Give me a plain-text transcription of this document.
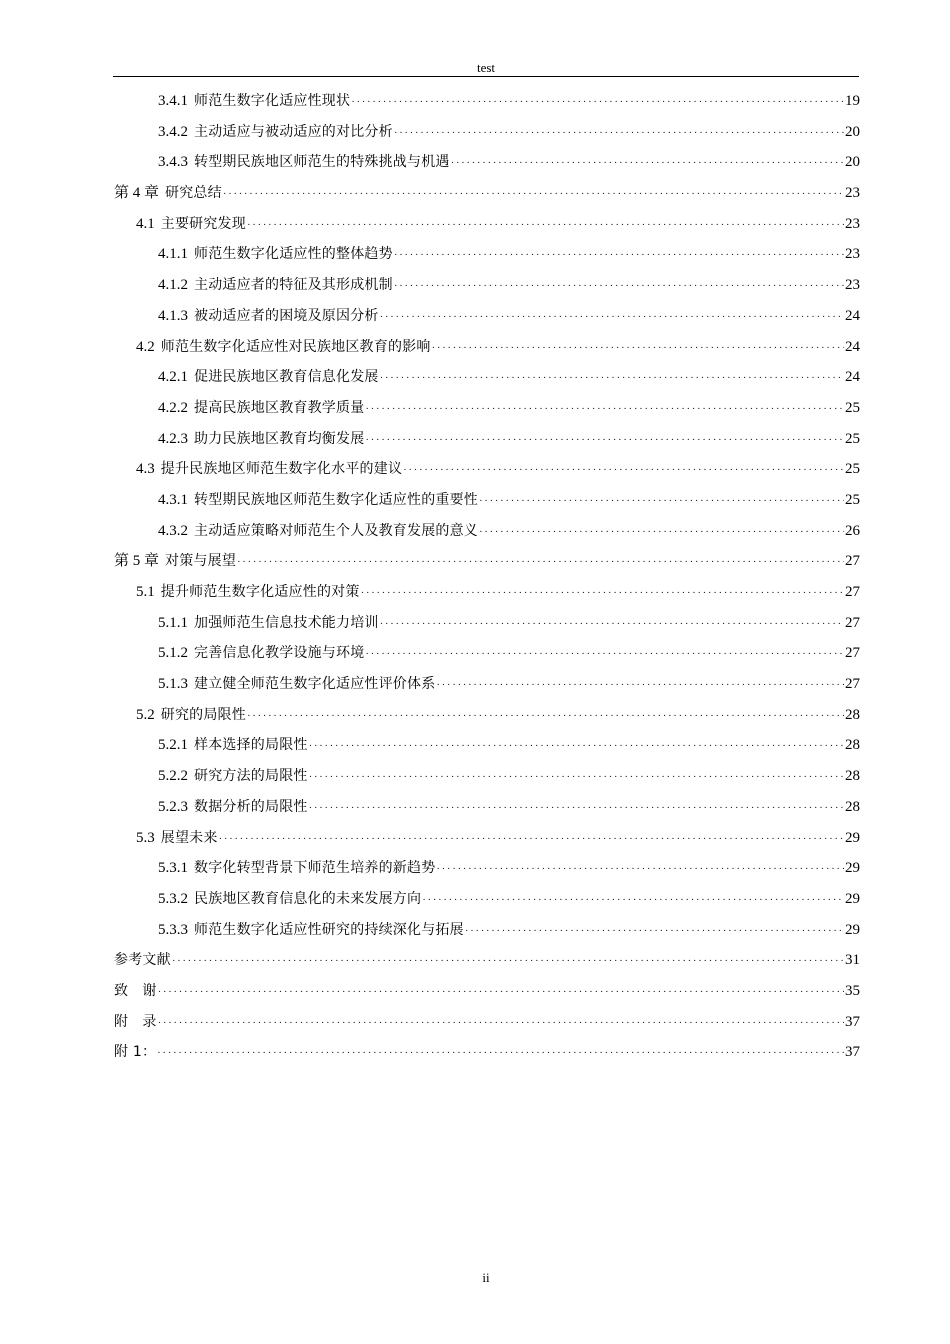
test
3.4.1 师范生数字化适应性现状 ·····	19
3.4.2 主动适应与被动适应的对比分析 ·····	20
3.4.3 转型期民族地区师范生的特殊挑战与机遇 ·····	20
第 4 章 研究总结 ·····	23
4.1 主要研究发现 ·····	23
4.1.1 师范生数字化适应性的整体趋势 ·····	23
4.1.2 主动适应者的特征及其形成机制 ·····	23
4.1.3 被动适应者的困境及原因分析 ·····	24
4.2 师范生数字化适应性对民族地区教育的影响 ·····	24
4.2.1 促进民族地区教育信息化发展 ·····	24
4.2.2 提高民族地区教育教学质量 ·····	25
4.2.3 助力民族地区教育均衡发展 ·····	25
4.3 提升民族地区师范生数字化水平的建议 ·····	25
4.3.1 转型期民族地区师范生数字化适应性的重要性 ·····	25
4.3.2 主动适应策略对师范生个人及教育发展的意义 ·····	26
第 5 章 对策与展望 ·····	27
5.1 提升师范生数字化适应性的对策 ·····	27
5.1.1 加强师范生信息技术能力培训 ·····	27
5.1.2 完善信息化教学设施与环境 ·····	27
5.1.3 建立健全师范生数字化适应性评价体系 ·····	27
5.2 研究的局限性 ·····	28
5.2.1 样本选择的局限性 ·····	28
5.2.2 研究方法的局限性 ·····	28
5.2.3 数据分析的局限性 ·····	28
5.3 展望未来 ·····	29
5.3.1 数字化转型背景下师范生培养的新趋势 ·····	29
5.3.2 民族地区教育信息化的未来发展方向 ·····	29
5.3.3 师范生数字化适应性研究的持续深化与拓展 ·····	29
参考文献 ·····	31
致　谢 ·····	35
附　录 ·····	37
附 1： ·····	37
ii
